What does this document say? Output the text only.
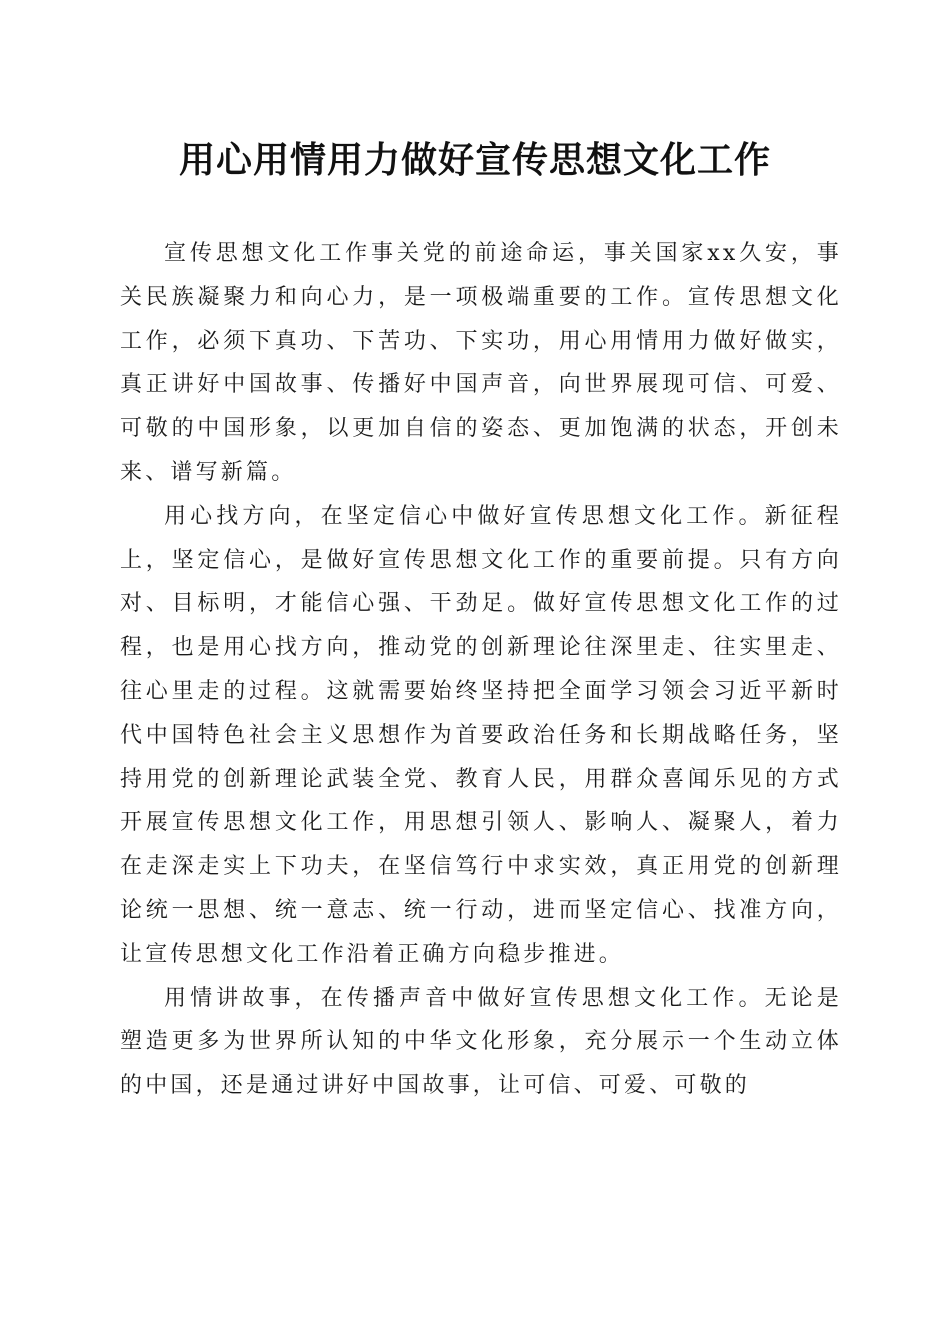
用心用情用力做好宣传思想文化工作

宣传思想文化工作事关党的前途命运，事关国家xx久安，事关民族凝聚力和向心力，是一项极端重要的工作。宣传思想文化工作，必须下真功、下苦功、下实功，用心用情用力做好做实，真正讲好中国故事、传播好中国声音，向世界展现可信、可爱、可敬的中国形象，以更加自信的姿态、更加饱满的状态，开创未来、谱写新篇。

用心找方向，在坚定信心中做好宣传思想文化工作。新征程上，坚定信心，是做好宣传思想文化工作的重要前提。只有方向对、目标明，才能信心强、干劲足。做好宣传思想文化工作的过程，也是用心找方向，推动党的创新理论往深里走、往实里走、往心里走的过程。这就需要始终坚持把全面学习领会习近平新时代中国特色社会主义思想作为首要政治任务和长期战略任务，坚持用党的创新理论武装全党、教育人民，用群众喜闻乐见的方式开展宣传思想文化工作，用思想引领人、影响人、凝聚人，着力在走深走实上下功夫，在坚信笃行中求实效，真正用党的创新理论统一思想、统一意志、统一行动，进而坚定信心、找准方向，让宣传思想文化工作沿着正确方向稳步推进。

用情讲故事，在传播声音中做好宣传思想文化工作。无论是塑造更多为世界所认知的中华文化形象，充分展示一个生动立体的中国，还是通过讲好中国故事，让可信、可爱、可敬的
